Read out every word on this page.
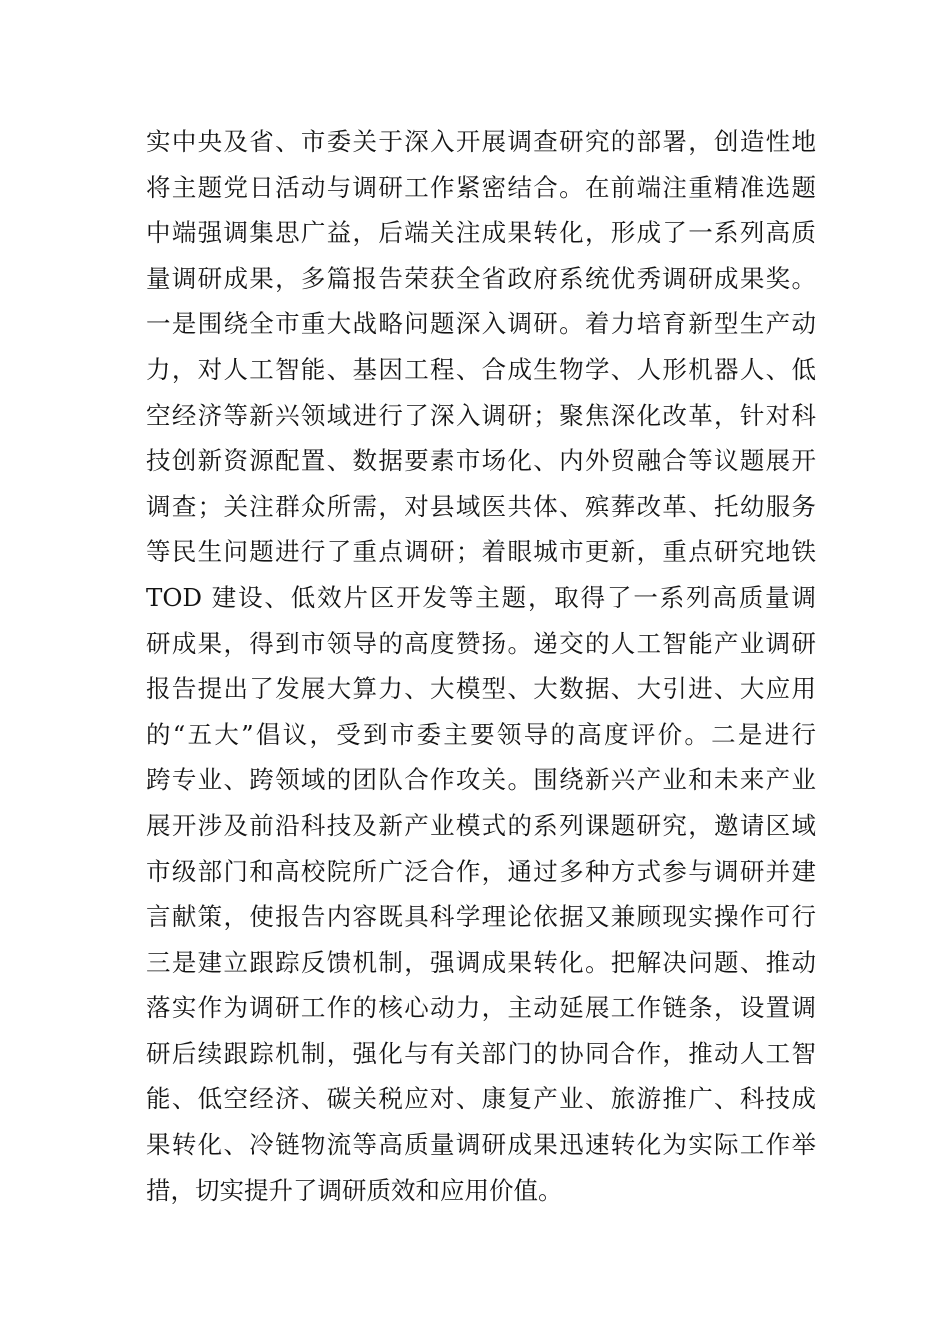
实中央及省、市委关于深入开展调查研究的部署，创造性地
将主题党日活动与调研工作紧密结合。在前端注重精准选题
中端强调集思广益，后端关注成果转化，形成了一系列高质
量调研成果，多篇报告荣获全省政府系统优秀调研成果奖。
一是围绕全市重大战略问题深入调研。着力培育新型生产动
力，对人工智能、基因工程、合成生物学、人形机器人、低
空经济等新兴领域进行了深入调研；聚焦深化改革，针对科
技创新资源配置、数据要素市场化、内外贸融合等议题展开
调查；关注群众所需，对县域医共体、殡葬改革、托幼服务
等民生问题进行了重点调研；着眼城市更新，重点研究地铁
TOD 建设、低效片区开发等主题，取得了一系列高质量调
研成果，得到市领导的高度赞扬。递交的人工智能产业调研
报告提出了发展大算力、大模型、大数据、大引进、大应用
的“五大”倡议，受到市委主要领导的高度评价。二是进行
跨专业、跨领域的团队合作攻关。围绕新兴产业和未来产业
展开涉及前沿科技及新产业模式的系列课题研究，邀请区域
市级部门和高校院所广泛合作，通过多种方式参与调研并建
言献策，使报告内容既具科学理论依据又兼顾现实操作可行
三是建立跟踪反馈机制，强调成果转化。把解决问题、推动
落实作为调研工作的核心动力，主动延展工作链条，设置调
研后续跟踪机制，强化与有关部门的协同合作，推动人工智
能、低空经济、碳关税应对、康复产业、旅游推广、科技成
果转化、冷链物流等高质量调研成果迅速转化为实际工作举
措，切实提升了调研质效和应用价值。
